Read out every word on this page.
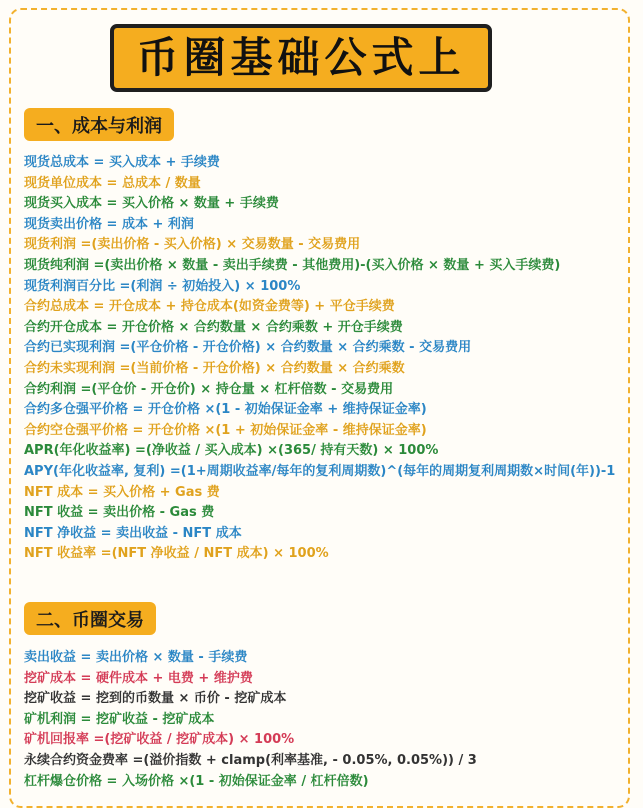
币圈基础公式上
一、成本与利润
现货总成本 = 买入成本 + 手续费
现货单位成本 = 总成本 / 数量
现货买入成本 = 买入价格 × 数量 + 手续费
现货卖出价格 = 成本 + 利润
现货利润 =(卖出价格 - 买入价格) × 交易数量 - 交易费用
现货纯利润 =(卖出价格 × 数量 - 卖出手续费 - 其他费用)-(买入价格 × 数量 + 买入手续费)
现货利润百分比 =(利润 ÷ 初始投入) × 100%
合约总成本 = 开仓成本 + 持仓成本(如资金费等) + 平仓手续费
合约开仓成本 = 开仓价格 × 合约数量 × 合约乘数 + 开仓手续费
合约已实现利润 =(平仓价格 - 开仓价格) × 合约数量 × 合约乘数 - 交易费用
合约未实现利润 =(当前价格 - 开仓价格) × 合约数量 × 合约乘数
合约利润 =(平仓价 - 开仓价) × 持仓量 × 杠杆倍数 - 交易费用
合约多仓强平价格 = 开仓价格 ×(1 - 初始保证金率 + 维持保证金率)
合约空仓强平价格 = 开仓价格 ×(1 + 初始保证金率 - 维持保证金率)
APR(年化收益率) =(净收益 / 买入成本) ×(365/ 持有天数) × 100%
APY(年化收益率, 复利) =(1+周期收益率/每年的复利周期数)^(每年的周期复利周期数×时间(年))-1
NFT 成本 = 买入价格 + Gas 费
NFT 收益 = 卖出价格 - Gas 费
NFT 净收益 = 卖出收益 - NFT 成本
NFT 收益率 =(NFT 净收益 / NFT 成本) × 100%
二、币圈交易
卖出收益 = 卖出价格 × 数量 - 手续费
挖矿成本 = 硬件成本 + 电费 + 维护费
挖矿收益 = 挖到的币数量 × 币价 - 挖矿成本
矿机利润 = 挖矿收益 - 挖矿成本
矿机回报率 =(挖矿收益 / 挖矿成本) × 100%
永续合约资金费率 =(溢价指数 + clamp(利率基准, - 0.05%, 0.05%)) / 3
杠杆爆仓价格 = 入场价格 ×(1 - 初始保证金率 / 杠杆倍数)
